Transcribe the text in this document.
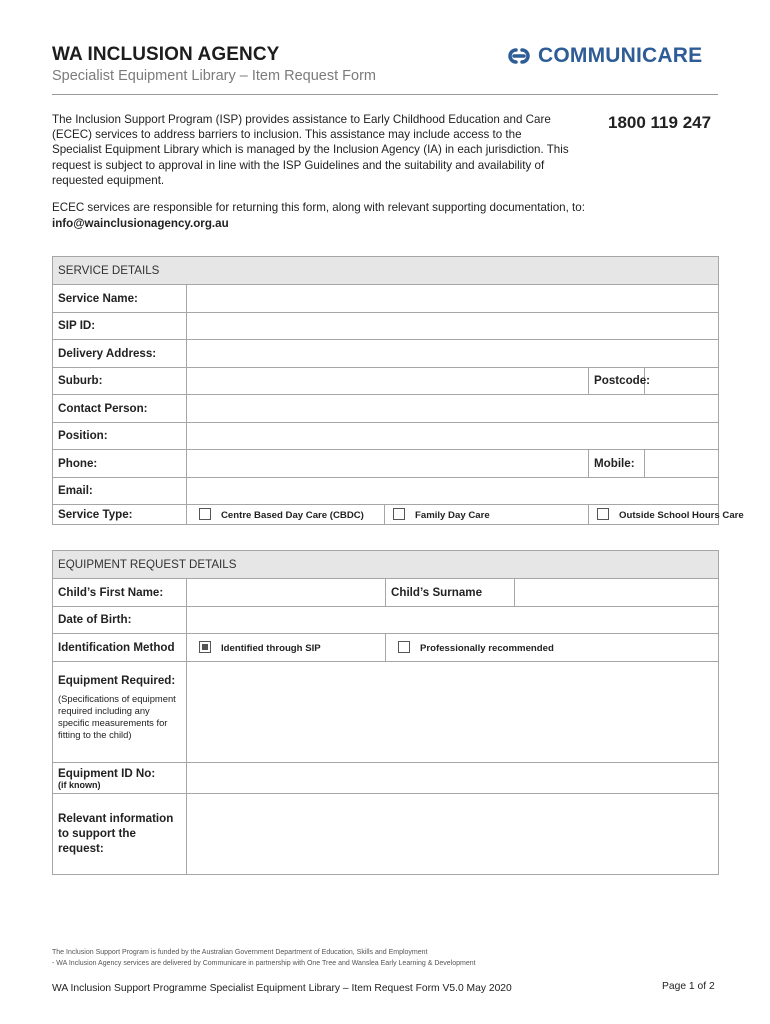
WA INCLUSION AGENCY
Specialist Equipment Library – Item Request Form
COMMUNICARE
The Inclusion Support Program (ISP) provides assistance to Early Childhood Education and Care (ECEC) services to address barriers to inclusion. This assistance may include access to the Specialist Equipment Library which is managed by the Inclusion Agency (IA) in each jurisdiction. This request is subject to approval in line with the ISP Guidelines and the suitability and availability of requested equipment.
1800 119 247
ECEC services are responsible for returning this form, along with relevant supporting documentation, to:
info@wainclusionagency.org.au
SERVICE DETAILS				
Service Name:				
SIP ID:				
Delivery Address:				
Suburb:			Postcode:	
Contact Person:				
Position:				
Phone:			Mobile:	
Email:				
Service Type:	Centre Based Day Care (CBDC)	Family Day Care	Outside School Hours Care	
EQUIPMENT REQUEST DETAILS			
Child’s First Name:		Child’s Surname	
Date of Birth:			
Identification Method	Identified through SIP	Professionally recommended	
Equipment Required:
(Specifications of equipment required including any specific measurements for fitting to the child)			

Equipment ID No:
(if known)			

Relevant information to support the request:			
The Inclusion Support Program is funded by the Australian Government Department of Education, Skills and Employment
- WA Inclusion Agency services are delivered by Communicare in partnership with One Tree and Wanslea Early Learning & Development
WA Inclusion Support Programme Specialist Equipment Library – Item Request Form V5.0 May 2020	Page 1 of 2
